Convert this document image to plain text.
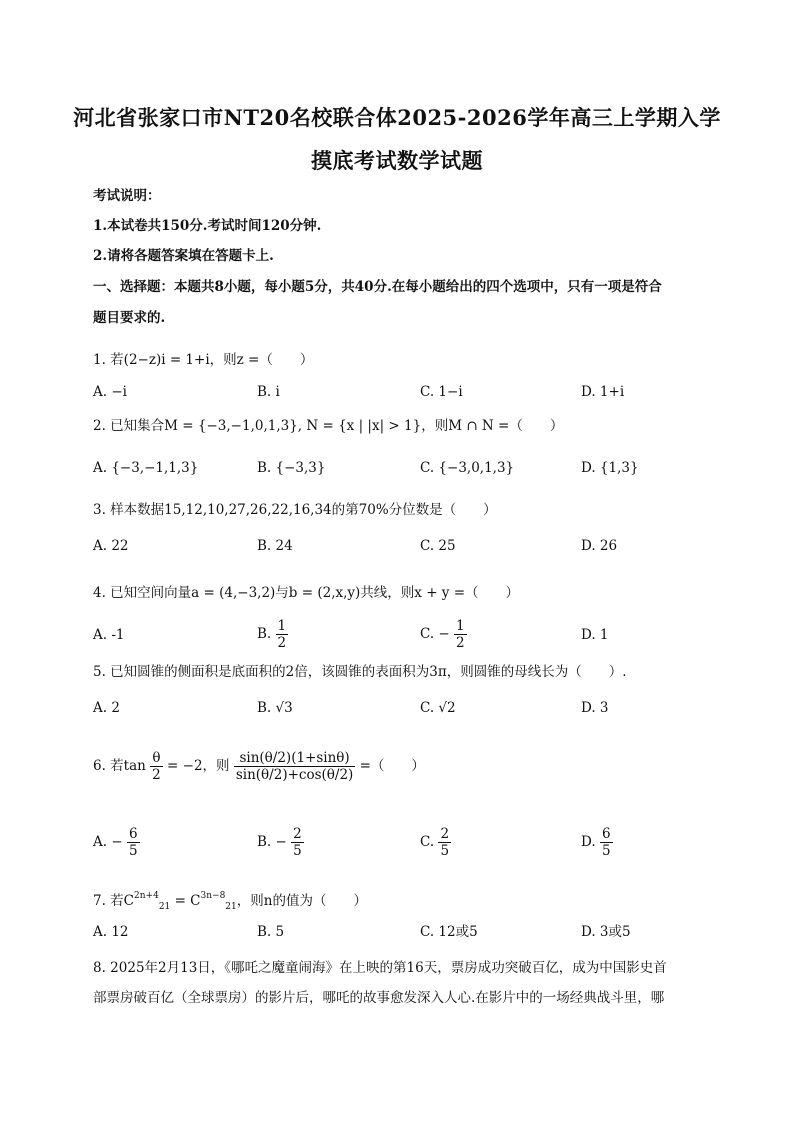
河北省张家口市NT20名校联合体2025-2026学年高三上学期入学
摸底考试数学试题
考试说明：
1.本试卷共150分.考试时间120分钟.
2.请将各题答案填在答题卡上.
一、选择题：本题共8小题，每小题5分，共40分.在每小题给出的四个选项中，只有一项是符合
题目要求的.
1. 若(2−z)i = 1+i，则z =（　　）
A. −i	B. i	C. 1−i	D. 1+i
2. 已知集合M = {−3,−1,0,1,3}, N = {x | |x| > 1}，则M ∩ N =（　　）
A. {−3,−1,1,3}	B. {−3,3}	C. {−3,0,1,3}	D. {1,3}
3. 样本数据15,12,10,27,26,22,16,34的第70%分位数是（　　）
A. 22	B. 24	C. 25	D. 26
4. 已知空间向量a = (4,−3,2)与b = (2,x,y)共线，则x + y =（　　）
A. -1	B. $\frac{1}{2}$	C. − $\frac{1}{2}$	D. 1
5. 已知圆锥的侧面积是底面积的2倍，该圆锥的表面积为3π，则圆锥的母线长为（　　）.
A. 2	B. √3	C. √2	D. 3
6. 若$\tan \frac{\theta}{2} = -2$，则 $\frac{\sin(\theta/2)(1+\sin\theta)}{\sin(\theta/2)+\cos(\theta/2)}$ =（　　）
A. − $\frac{6}{5}$	B. − $\frac{2}{5}$	C. $\frac{2}{5}$	D. $\frac{6}{5}$
7. 若$C^{2n+4}_{21} = C^{3n-8}_{21}$，则n的值为（　　）
A. 12	B. 5	C. 12或5	D. 3或5
8. 2025年2月13日，《哪吒之魔童闹海》在上映的第16天，票房成功突破百亿，成为中国影史首
部票房破百亿（全球票房）的影片后，哪吒的故事愈发深入人心.在影片中的一场经典战斗里，哪
